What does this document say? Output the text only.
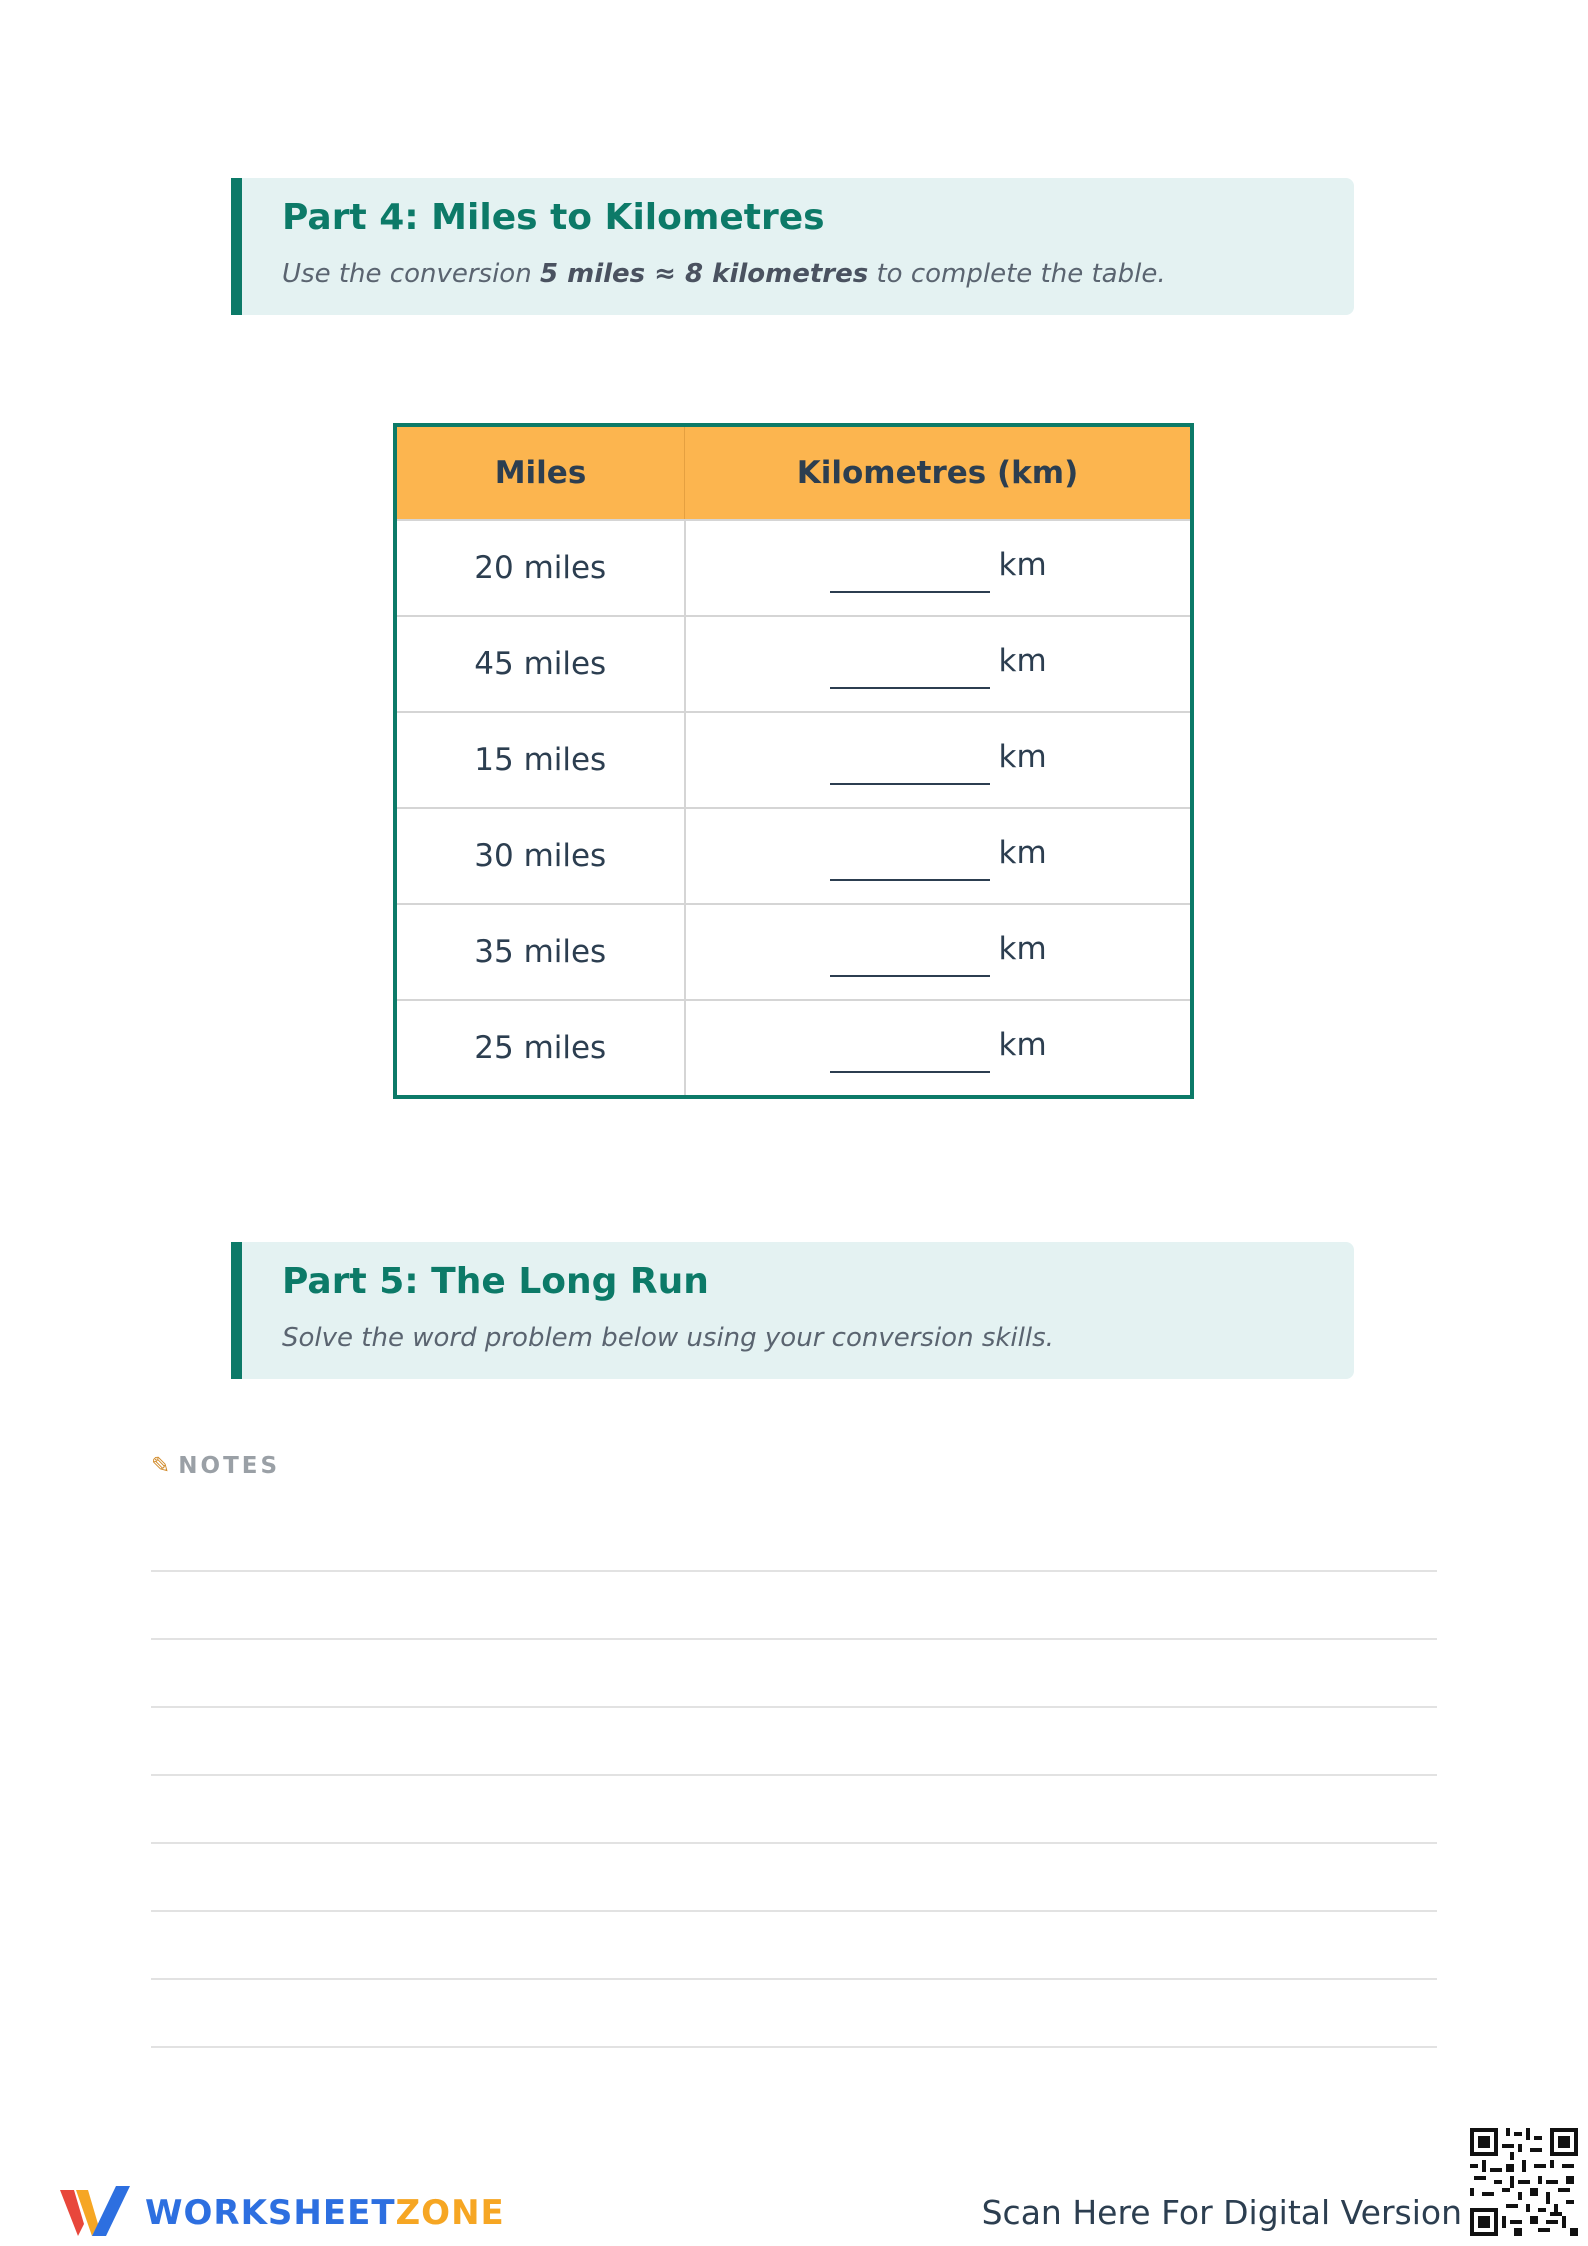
Part 4: Miles to Kilometres

Use the conversion 5 miles ≈ 8 kilometres to complete the table.

Miles	Kilometres (km)
20 miles	km

45 miles	km

15 miles	km

30 miles	km

35 miles	km

25 miles	km
Part 5: The Long Run

Solve the word problem below using your conversion skills.

✎ NOTES
WORKSHEETZONE	Scan Here For Digital Version
